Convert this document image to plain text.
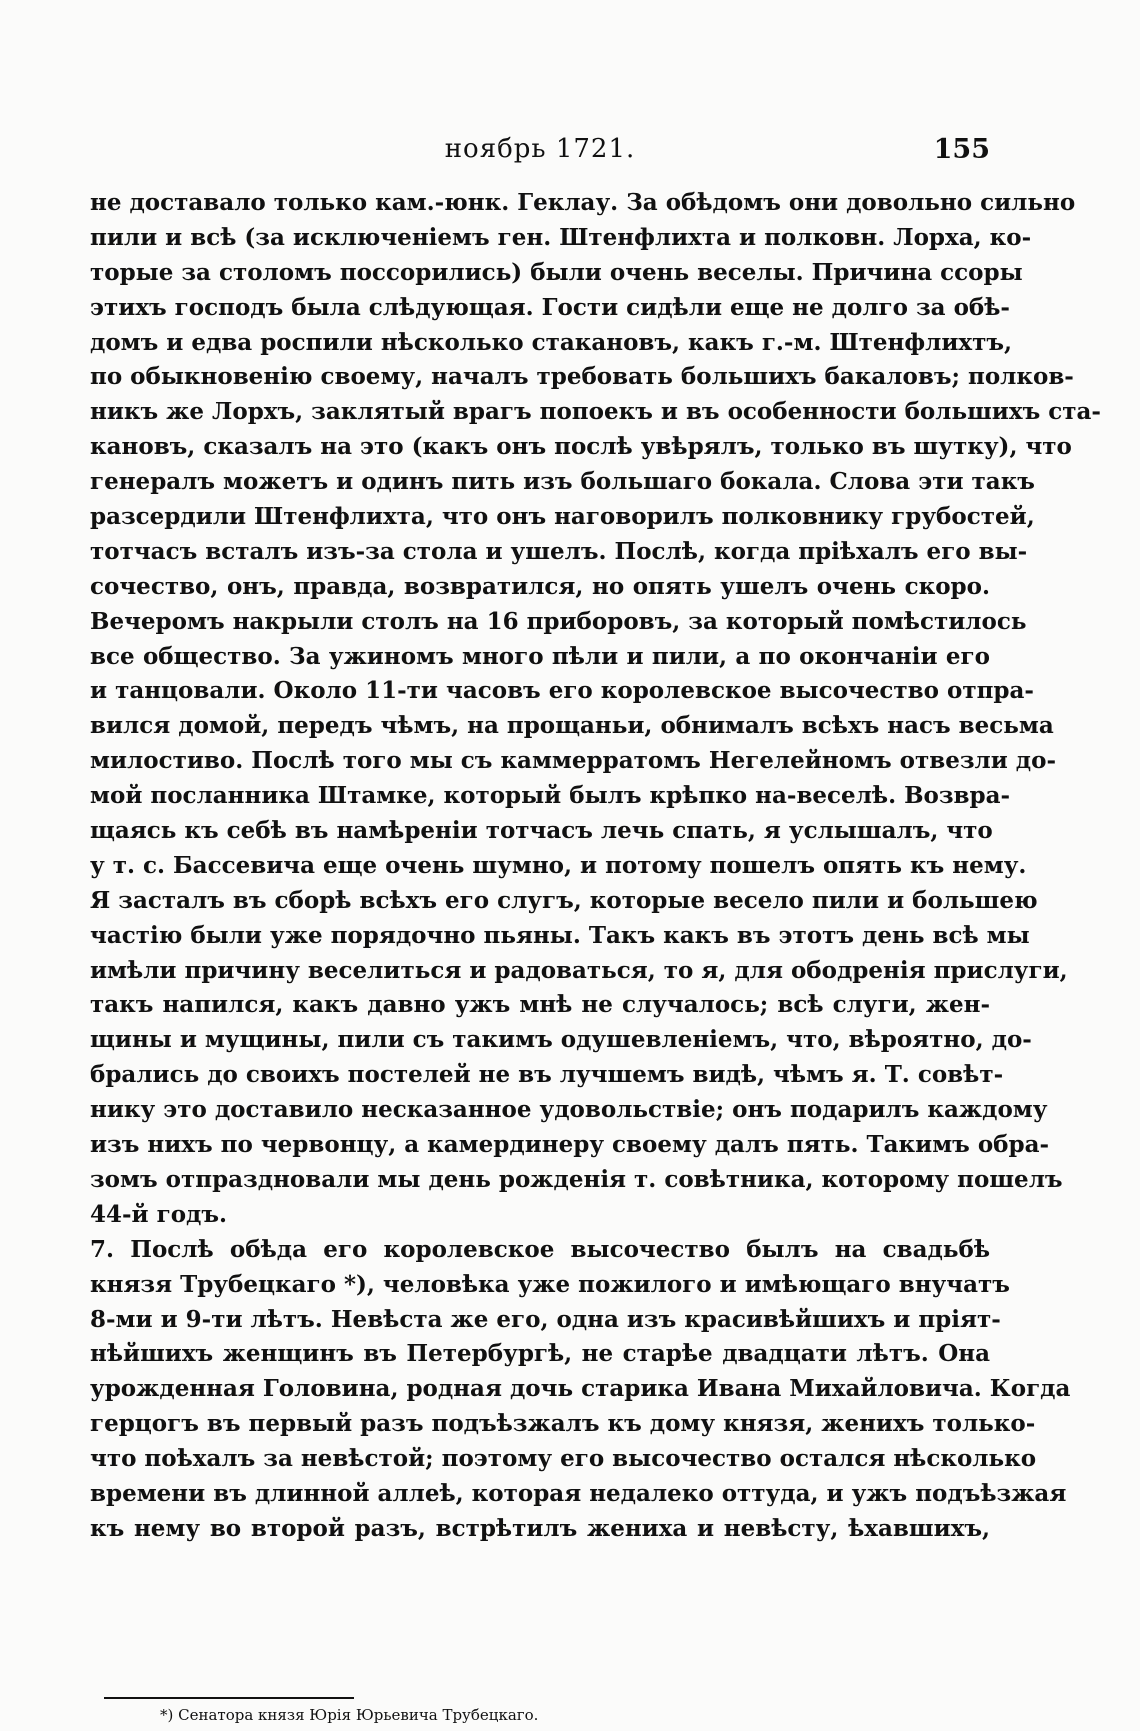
нoябрь 1721.	155
не доставало только кам.-юнк. Геклау. За обѣдомъ они довольно сильно
пили и всѣ (за исключеніемъ ген. Штенфлихта и полковн. Лорха, ко-
торые за столомъ поссорились) были очень веселы. Причина ссоры
этихъ господъ была слѣдующая. Гости сидѣли еще не долго за обѣ-
домъ и едва роспили нѣсколько стакановъ, какъ г.-м. Штенфлихтъ,
по обыкновенію своему, началъ требовать большихъ бакаловъ; полков-
никъ же Лорхъ, заклятый врагъ попоекъ и въ особенности большихъ ста-
кановъ, сказалъ на это (какъ онъ послѣ увѣрялъ, только въ шутку), что
генералъ можетъ и одинъ пить изъ большаго бокала. Слова эти такъ
разсердили Штенфлихта, что онъ наговорилъ полковнику грубостей,
тотчасъ всталъ изъ-за стола и ушелъ. Послѣ, когда пріѣхалъ его вы-
сочество, онъ, правда, возвратился, но опять ушелъ очень скоро.
Вечеромъ накрыли столъ на 16 приборовъ, за который помѣстилось
все общество. За ужиномъ много пѣли и пили, а по окончаніи его
и танцовали. Около 11-ти часовъ его королевское высочество отпра-
вился домой, передъ чѣмъ, на прощаньи, обнималъ всѣхъ насъ весьма
милостиво. Послѣ того мы съ каммерратомъ Негелейномъ отвезли до-
мой посланника Штамке, который былъ крѣпко на-веселѣ. Возвра-
щаясь къ себѣ въ намѣреніи тотчасъ лечь спать, я услышалъ, что
у т. с. Бассевича еще очень шумно, и потому пошелъ опять къ нему.
Я засталъ въ сборѣ всѣхъ его слугъ, которые весело пили и большею
частію были уже порядочно пьяны. Такъ какъ въ этотъ день всѣ мы
имѣли причину веселиться и радоваться, то я, для ободренія прислуги,
такъ напился, какъ давно ужъ мнѣ не случалось; всѣ слуги, жен-
щины и мущины, пили съ такимъ одушевленіемъ, что, вѣроятно, до-
брались до своихъ постелей не въ лучшемъ видѣ, чѣмъ я. Т. совѣт-
нику это доставило несказанное удовольствіе; онъ подарилъ каждому
изъ нихъ по червонцу, а камердинеру своему далъ пять. Такимъ обра-
зомъ отпраздновали мы день рожденія т. совѣтника, которому пошелъ
44-й годъ.
7. Послѣ обѣда его королевское высочество былъ на свадьбѣ
князя Трубецкаго *), человѣка уже пожилого и имѣющаго внучатъ
8-ми и 9-ти лѣтъ. Невѣста же его, одна изъ красивѣйшихъ и пріят-
нѣйшихъ женщинъ въ Петербургѣ, не старѣе двадцати лѣтъ. Она
урожденная Головина, родная дочь старика Ивана Михайловича. Когда
герцогъ въ первый разъ подъѣзжалъ къ дому князя, женихъ только-
что поѣхалъ за невѣстой; поэтому его высочество остался нѣсколько
времени въ длинной аллеѣ, которая недалеко оттуда, и ужъ подъѣзжая
къ нему во второй разъ, встрѣтилъ жениха и невѣсту, ѣхавшихъ,
*) Сенатора князя Юрія Юрьевича Трубецкаго.
